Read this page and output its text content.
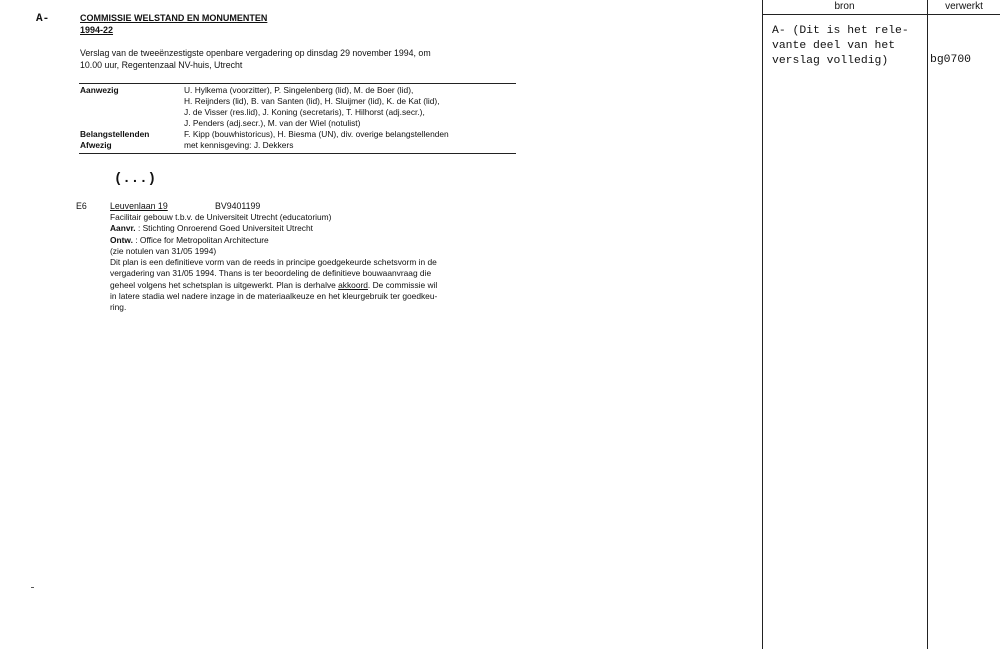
A-	COMMISSIE WELSTAND EN MONUMENTEN
1994-22
Verslag van de tweeënzestigste openbare vergadering op dinsdag 29 november 1994, om
10.00 uur, Regentenzaal NV-huis, Utrecht
Aanwezig	U. Hylkema (voorzitter), P. Singelenberg (lid), M. de Boer (lid),
H. Reijnders (lid), B. van Santen (lid), H. Sluijmer (lid), K. de Kat (lid),
J. de Visser (res.lid), J. Koning (secretaris), T. Hilhorst (adj.secr.),
J. Penders (adj.secr.), M. van der Wiel (notulist)
Belangstellenden	F. Kipp (bouwhistoricus), H. Biesma (UN), div. overige belangstellenden
Afwezig	met kennisgeving: J. Dekkers
(...)
E6	Leuvenlaan 19	BV9401199
Facilitair gebouw t.b.v. de Universiteit Utrecht (educatorium)
Aanvr. : Stichting Onroerend Goed Universiteit Utrecht
Ontw. : Office for Metropolitan Architecture
(zie notulen van 31/05 1994)
Dit plan is een definitieve vorm van de reeds in principe goedgekeurde schetsvorm in de
vergadering van 31/05 1994. Thans is ter beoordeling de definitieve bouwaanvraag die
geheel volgens het schetsplan is uitgewerkt. Plan is derhalve akkoord. De commissie wil
in latere stadia wel nadere inzage in de materiaalkeuze en het kleurgebruik ter goedkeu-
ring.
bron	verwerkt
A- (Dit is het rele-
vante deel van het
verslag volledig)	bg0700
